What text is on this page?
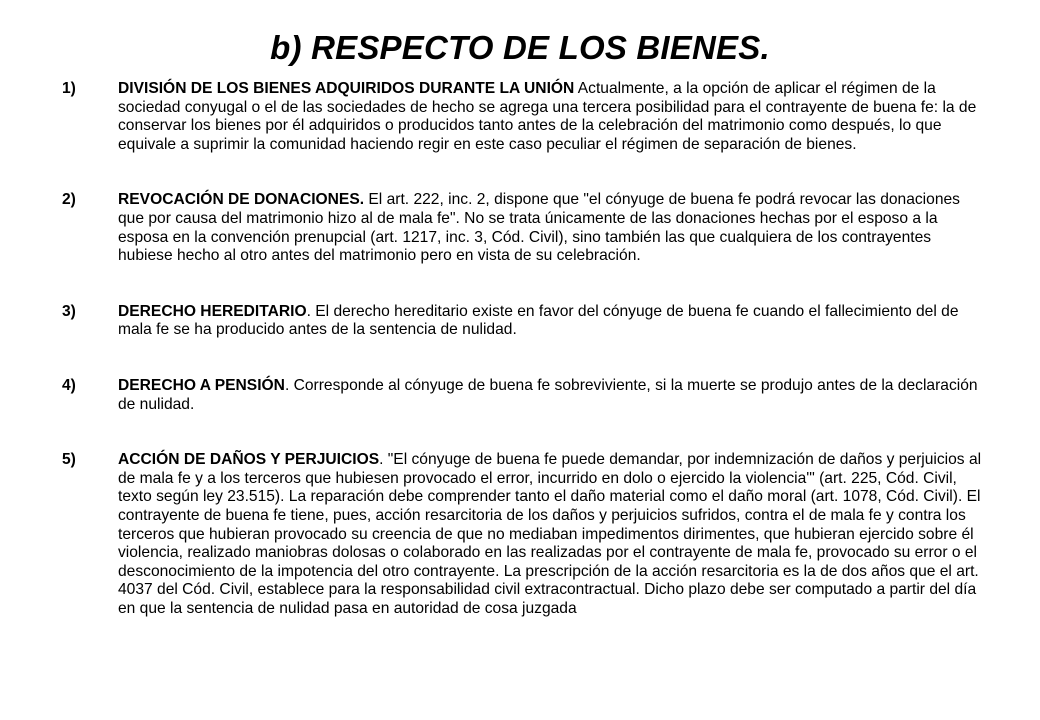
b) RESPECTO DE LOS BIENES.
1)	DIVISIÓN DE LOS BIENES ADQUIRIDOS DURANTE LA UNIÓN Actualmente, a la opción de aplicar el régimen de la sociedad conyugal o el de las sociedades de hecho se agrega una tercera posibilidad para el contrayente de buena fe: la de conservar los bienes por él adquiridos o producidos tanto antes de la celebración del matrimonio como después, lo que equivale a suprimir la comunidad haciendo regir en este caso peculiar el régimen de separación de bienes.
2)	REVOCACIÓN DE DONACIONES. El art. 222, inc. 2, dispone que "el cónyuge de buena fe podrá revocar las donaciones que por causa del matrimonio hizo al de mala fe". No se trata únicamente de las donaciones hechas por el esposo a la esposa en la convención prenupcial (art. 1217, inc. 3, Cód. Civil), sino también las que cualquiera de los contrayentes hubiese hecho al otro antes del matrimonio pero en vista de su celebración.
3)	DERECHO HEREDITARIO. El derecho hereditario existe en favor del cónyuge de buena fe cuando el fallecimiento del de mala fe se ha producido antes de la sentencia de nulidad.
4)	DERECHO A PENSIÓN. Corresponde al cónyuge de buena fe sobreviviente, si la muerte se produjo antes de la declaración de nulidad.
5)	ACCIÓN DE DAÑOS Y PERJUICIOS. "El cónyuge de buena fe puede demandar, por indemnización de daños y perjuicios al de mala fe y a los terceros que hubiesen provocado el error, incurrido en dolo o ejercido la violencia'" (art. 225, Cód. Civil, texto según ley 23.515). La reparación debe comprender tanto el daño material como el daño moral (art. 1078, Cód. Civil). El contrayente de buena fe tiene, pues, acción resarcitoria de los daños y perjuicios sufridos, contra el de mala fe y contra los terceros que hubieran provocado su creencia de que no mediaban impedimentos dirimentes, que hubieran ejercido sobre él violencia, realizado maniobras dolosas o colaborado en las realizadas por el contrayente de mala fe, provocado su error o el desconocimiento de la impotencia del otro contrayente. La prescripción de la acción resarcitoria es la de dos años que el art. 4037 del Cód. Civil, establece para la responsabilidad civil extracontractual. Dicho plazo debe ser computado a partir del día en que la sentencia de nulidad pasa en autoridad de cosa juzgada
